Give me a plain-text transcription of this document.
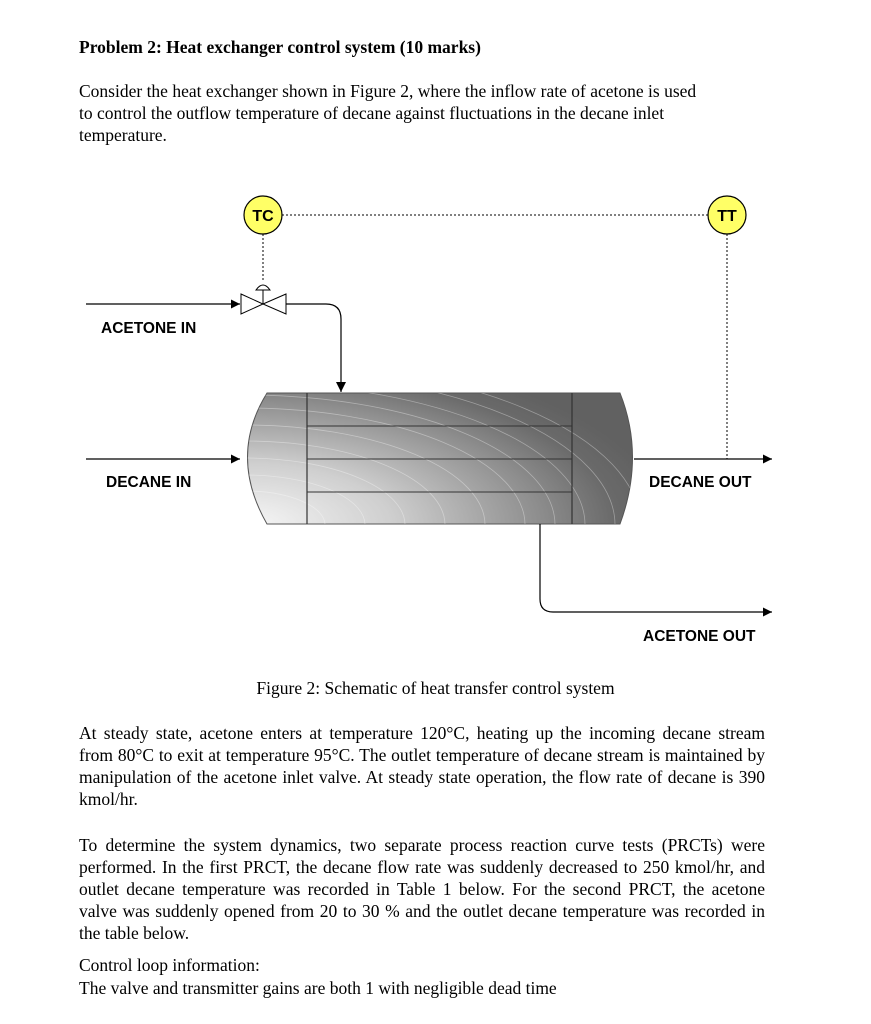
Problem 2: Heat exchanger control system (10 marks)
Consider the heat exchanger shown in Figure 2, where the inflow rate of acetone is used
to control the outflow temperature of decane against fluctuations in the decane inlet
temperature.
TC	TT
ACETONE IN
DECANE IN	DECANE OUT
ACETONE OUT
Figure 2: Schematic of heat transfer control system
At steady state, acetone enters at temperature 120°C, heating up the incoming decane stream from 80°C to exit at temperature 95°C. The outlet temperature of decane stream is maintained by manipulation of the acetone inlet valve. At steady state operation, the flow rate of decane is 390 kmol/hr.
To determine the system dynamics, two separate process reaction curve tests (PRCTs) were performed. In the first PRCT, the decane flow rate was suddenly decreased to 250 kmol/hr, and outlet decane temperature was recorded in Table 1 below. For the second PRCT, the acetone valve was suddenly opened from 20 to 30 % and the outlet decane temperature was recorded in the table below.
Control loop information:
The valve and transmitter gains are both 1 with negligible dead time
